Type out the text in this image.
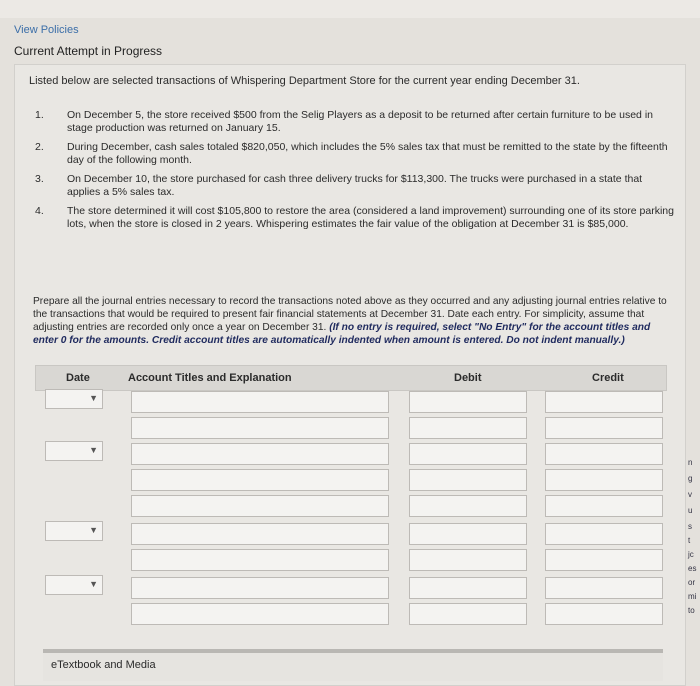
View Policies
Current Attempt in Progress
Listed below are selected transactions of Whispering Department Store for the current year ending December 31.
1. On December 5, the store received $500 from the Selig Players as a deposit to be returned after certain furniture to be used in stage production was returned on January 15.
2. During December, cash sales totaled $820,050, which includes the 5% sales tax that must be remitted to the state by the fifteenth day of the following month.
3. On December 10, the store purchased for cash three delivery trucks for $113,300. The trucks were purchased in a state that applies a 5% sales tax.
4. The store determined it will cost $105,800 to restore the area (considered a land improvement) surrounding one of its store parking lots, when the store is closed in 2 years. Whispering estimates the fair value of the obligation at December 31 is $85,000.
Prepare all the journal entries necessary to record the transactions noted above as they occurred and any adjusting journal entries relative to the transactions that would be required to present fair financial statements at December 31. Date each entry. For simplicity, assume that adjusting entries are recorded only once a year on December 31. (If no entry is required, select "No Entry" for the account titles and enter 0 for the amounts. Credit account titles are automatically indented when amount is entered. Do not indent manually.)
Date	Account Titles and Explanation	Debit	Credit
▼
▼
▼
▼
eTextbook and Media
n
g
v
u
s
t
jc
es
or
mi
to
